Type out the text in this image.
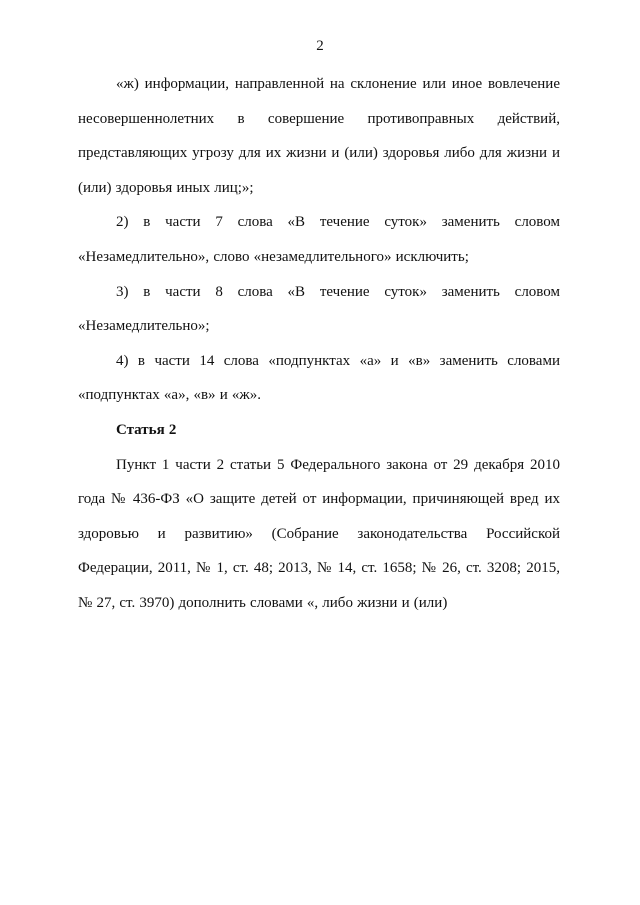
2

«ж) информации, направленной на склонение или иное вовлечение несовершеннолетних в совершение противоправных действий, представляющих угрозу для их жизни и (или) здоровья либо для жизни и (или) здоровья иных лиц;»;

2) в части 7 слова «В течение суток» заменить словом «Незамедлительно», слово «незамедлительного» исключить;

3) в части 8 слова «В течение суток» заменить словом «Незамедлительно»;

4) в части 14 слова «подпунктах «а» и «в» заменить словами «подпунктах «а», «в» и «ж».

Статья 2

Пункт 1 части 2 статьи 5 Федерального закона от 29 декабря 2010 года № 436-ФЗ «О защите детей от информации, причиняющей вред их здоровью и развитию» (Собрание законодательства Российской Федерации, 2011, № 1, ст. 48; 2013, № 14, ст. 1658; № 26, ст. 3208; 2015, № 27, ст. 3970) дополнить словами «, либо жизни и (или)
